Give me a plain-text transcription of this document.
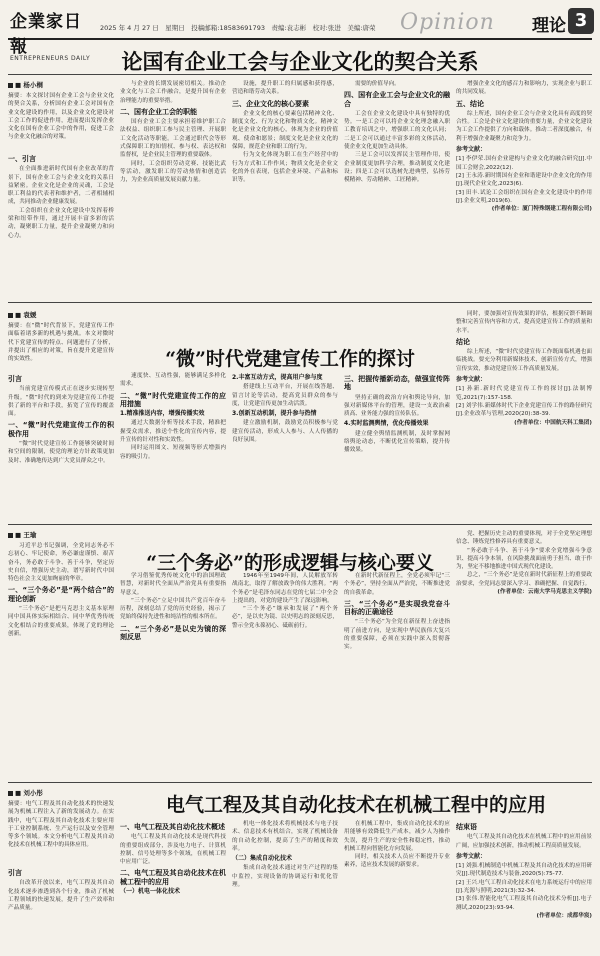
企業家日報
ENTREPRENEURS DAILY
2025 年 4 月 27 日　星期日　投稿邮箱:18583691793　责编:袁志彬　校对:张进　美编:唐荣 Opinion 理论 3
论国有企业工会与企业文化的契合关系
■ 杨小桐
摘要：本文探讨国有企业工会与企业文化的契合关系，分析国有企业工会对国有企业文化建设的作用，以及企业文化建设对工会工作的促进作用，进而提出发挥企业文化在国有企业工会中的作用，促进工会与企业文化融合的对策。
一、引言

在全面推进新时代国有企业改革的背景下，国有企业工会与企业文化的关系日益紧密。企业文化是企业的灵魂，工会是职工利益的代表者和维护者，二者相辅相成，共同推动企业健康发展。

工会组织在企业文化建设中发挥着桥梁和纽带作用，通过开展丰富多彩的活动，凝聚职工力量，提升企业凝聚力和向心力。

与企业的长期发展密切相关。推动企业文化与工会工作融合，是提升国有企业治理能力的重要举措。

二、国有企业工会的职能

国有企业工会主要承担着维护职工合法权益、组织职工参与民主管理、开展职工文化活动等职能。工会通过职代会等形式保障职工的知情权、参与权、表达权和监督权，是企业民主管理的重要载体。

同时，工会组织劳动竞赛、技能比武等活动，激发职工的劳动热情和创造活力，为企业高质量发展贡献力量。

设施，提升职工的归属感和获得感，营造和谐劳动关系。

三、企业文化的核心要素

企业文化的核心要素包括精神文化、制度文化、行为文化和物质文化。精神文化是企业文化的核心，体现为企业的价值观、使命和愿景；制度文化是企业文化的保障，规范企业和职工的行为。

行为文化体现为职工在生产经营中的行为方式和工作作风；物质文化是企业文化的外在表现，包括企业环境、产品和标识等。

需要的价值导向。

四、国有企业工会与企业文化的融合

工会在企业文化建设中具有独特的优势。一是工会可以将企业文化理念融入职工教育培训之中，增强职工的文化认同；二是工会可以通过丰富多彩的文体活动，使企业文化更加生动具体。

三是工会可以发挥民主管理作用，使企业制度更加科学合理，推动制度文化建设；四是工会可以选树先进典型，弘扬劳模精神、劳动精神、工匠精神。

增强企业文化的感召力和影响力，实现企业与职工的共同发展。

五、结论

综上所述，国有企业工会与企业文化具有高度的契合性。工会是企业文化建设的重要力量，企业文化建设为工会工作提供了方向和载体。推动二者深度融合，有利于增强企业凝聚力和竞争力。

参考文献：

[1] 李伊荣.国有企业建构与企业文化的融合研究[J].中国工会财会,2022(12).

[2] 王永涛.新时期国有企业和谐建设中企业文化的作用[J].现代企业文化,2023(6).

[3] 田丰.试论工会组织在国有企业文化建设中的作用[J].企业文明,2019(6).

(作者单位：厦门特殊钢建工程有限公司)

“微”时代党建宣传工作的探讨
■ 袁媛
摘要：在“微”时代背景下，党建宣传工作面临着诸多新的机遇与挑战。本文对微时代下党建宣传的特点、问题进行了分析，并提出了相应的对策，旨在提升党建宣传的实效性。
引言

当前党建宣传模式正在逐步实现转型升级。“微”时代的到来为党建宣传工作提供了新的平台和手段，拓宽了宣传的覆盖面。

一、“微”时代党建宣传工作的积极作用

“微”时代党建宣传工作能够突破时间和空间的限制，使党的理论方针政策更加及时、准确地传达到广大党员群众之中。

速度快、互动性强，能够满足多样化需求。

二、“微”时代党建宣传工作的应用措施
1.精准推送内容，增强传播实效

通过大数据分析等技术手段，精准把握受众需求，推送个性化的宣传内容，提升宣传的针对性和实效性。

同时运用图文、短视频等形式增强内容的吸引力。

2.丰富互动方式，提高用户参与度

搭建线上互动平台，开展在线答题、留言讨论等活动，提高党员群众的参与度，让党建宣传更加生动活泼。

3.创新互动机制，提升参与热情

建立激励机制，鼓励党员积极参与党建宣传活动，形成人人参与、人人传播的良好氛围。

三、把握传播新动态，做强宣传阵地

坚持正确的政治方向和舆论导向，加强对新媒体平台的管理，建设一支政治素质高、业务能力强的宣传队伍。

4.实时监测舆情，优化传播效果

建立健全舆情监测机制，及时掌握网络舆论动态，不断优化宣传策略，提升传播效果。

同时，要加强对宣传效果的评估，根据反馈不断调整和完善宣传内容和方式，提高党建宣传工作的质量和水平。

结论

综上所述，“微”时代党建宣传工作既面临机遇也面临挑战。要充分利用新媒体技术，创新宣传方式，增强宣传实效，推动党建宣传工作高质量发展。

参考文献：

[1] 孙新.新时代党建宣传工作的探讨[J].法制博览,2021(7):157-158.

[2] 刘学伟.新媒体时代下企业党建宣传工作的路径研究[J].企业改革与管理,2020(20):38-39.

(作者单位：中国航天科工集团)

“三个务必”的形成逻辑与核心要义
■ 王瑜

习近平总书记强调，全党同志务必不忘初心、牢记使命，务必谦虚谨慎、艰苦奋斗，务必敢于斗争、善于斗争，坚定历史自信，增强历史主动，谱写新时代中国特色社会主义更加绚丽的华章。

一、“三个务必”是“两个结合”的理论创新

“三个务必”是把马克思主义基本原理同中国具体实际相结合、同中华优秀传统文化相结合的重要成果，体现了党的理论创新。

学习借鉴优秀传统文化中的治国理政智慧，对新时代全面从严治党具有重要指导意义。

“三个务必”立足中国共产党百年奋斗历程，深刻总结了党的历史经验，揭示了党始终保持先进性和纯洁性的根本所在。

二、“三个务必”是以史为镜的深刻反思

1946年至1949年间，人民解放军转战南北，取得了解放战争的伟大胜利。“两个务必”是毛泽东同志在党的七届二中全会上提出的，对党的建设产生了深远影响。

“三个务必”继承和发展了“两个务必”，是以史为镜、以史明志的深刻反思，警示全党永葆初心、砥砺前行。

在新时代新征程上，全党必须牢记“三个务必”，坚持全面从严治党，不断推进党的自我革命。

三、“三个务必”是实现我党奋斗目标的正确途径

“三个务必”为全党在新征程上奋进指明了前进方向，是实现中华民族伟大复兴的重要保障，必须在实践中深入贯彻落实。

党、把握历史主动的重要体现，对于全党坚定理想信念、锤炼党性修养具有重要意义。

“务必敢于斗争、善于斗争”要求全党增强斗争意识、提高斗争本领，在风险挑战面前勇于担当、敢于作为，坚定不移地推进中国式现代化建设。

总之，“三个务必”是党在新时代新征程上的重要政治要求，全党同志要深入学习、准确把握、自觉践行。

(作者单位：云南大学马克思主义学院)

电气工程及其自动化技术在机械工程中的应用
■ 刘小彤
摘要：电气工程及其自动化技术的快速发展为机械工程注入了新的发展动力。在实践中，电气工程及其自动化技术主要应用于工业控制系统、生产运行以及安全管理等多个领域。本文分析电气工程及其自动化技术在机械工程中的具体应用。
引言

自改革开放以来，电气工程及其自动化技术逐步渗透到各个行业，推动了机械工程领域的快速发展，提升了生产效率和产品质量。

一、电气工程及其自动化技术概述

电气工程及其自动化技术是现代科技的重要组成部分，涉及电力电子、计算机控制、信号处理等多个领域，在机械工程中应用广泛。

二、电气工程及其自动化技术在机械工程中的应用
（一）机电一体化技术

机电一体化技术将机械技术与电子技术、信息技术有机结合，实现了机械设备的自动化控制，提高了生产的精度和效率。

（二）集成自动化技术

集成自动化技术通过对生产过程的集中监控，实现设备的协调运行和优化管理。

在机械工程中，集成自动化技术的应用能够有效降低生产成本，减少人为操作失误，提升生产的安全性和稳定性，推动机械工程向智能化方向发展。

同时，相关技术人员应不断提升专业素养，适应技术发展的新要求。

结束语

电气工程及其自动化技术在机械工程中的应用前景广阔，应加强技术创新，推动机械工程高质量发展。

参考文献：

[1] 刘强.机械制造中机械工程及其自动化技术的应用研究[J].现代制造技术与装备,2020(5):75-77.

[2] 王兴.电气工程自动化技术在电力系统运行中的应用[J].光源与照明,2021(3):32-34.

[3] 张伟.智能化电气工程及其自动化技术分析[J].电子测试,2020(23):93-94.

(作者单位：成都华宸)
